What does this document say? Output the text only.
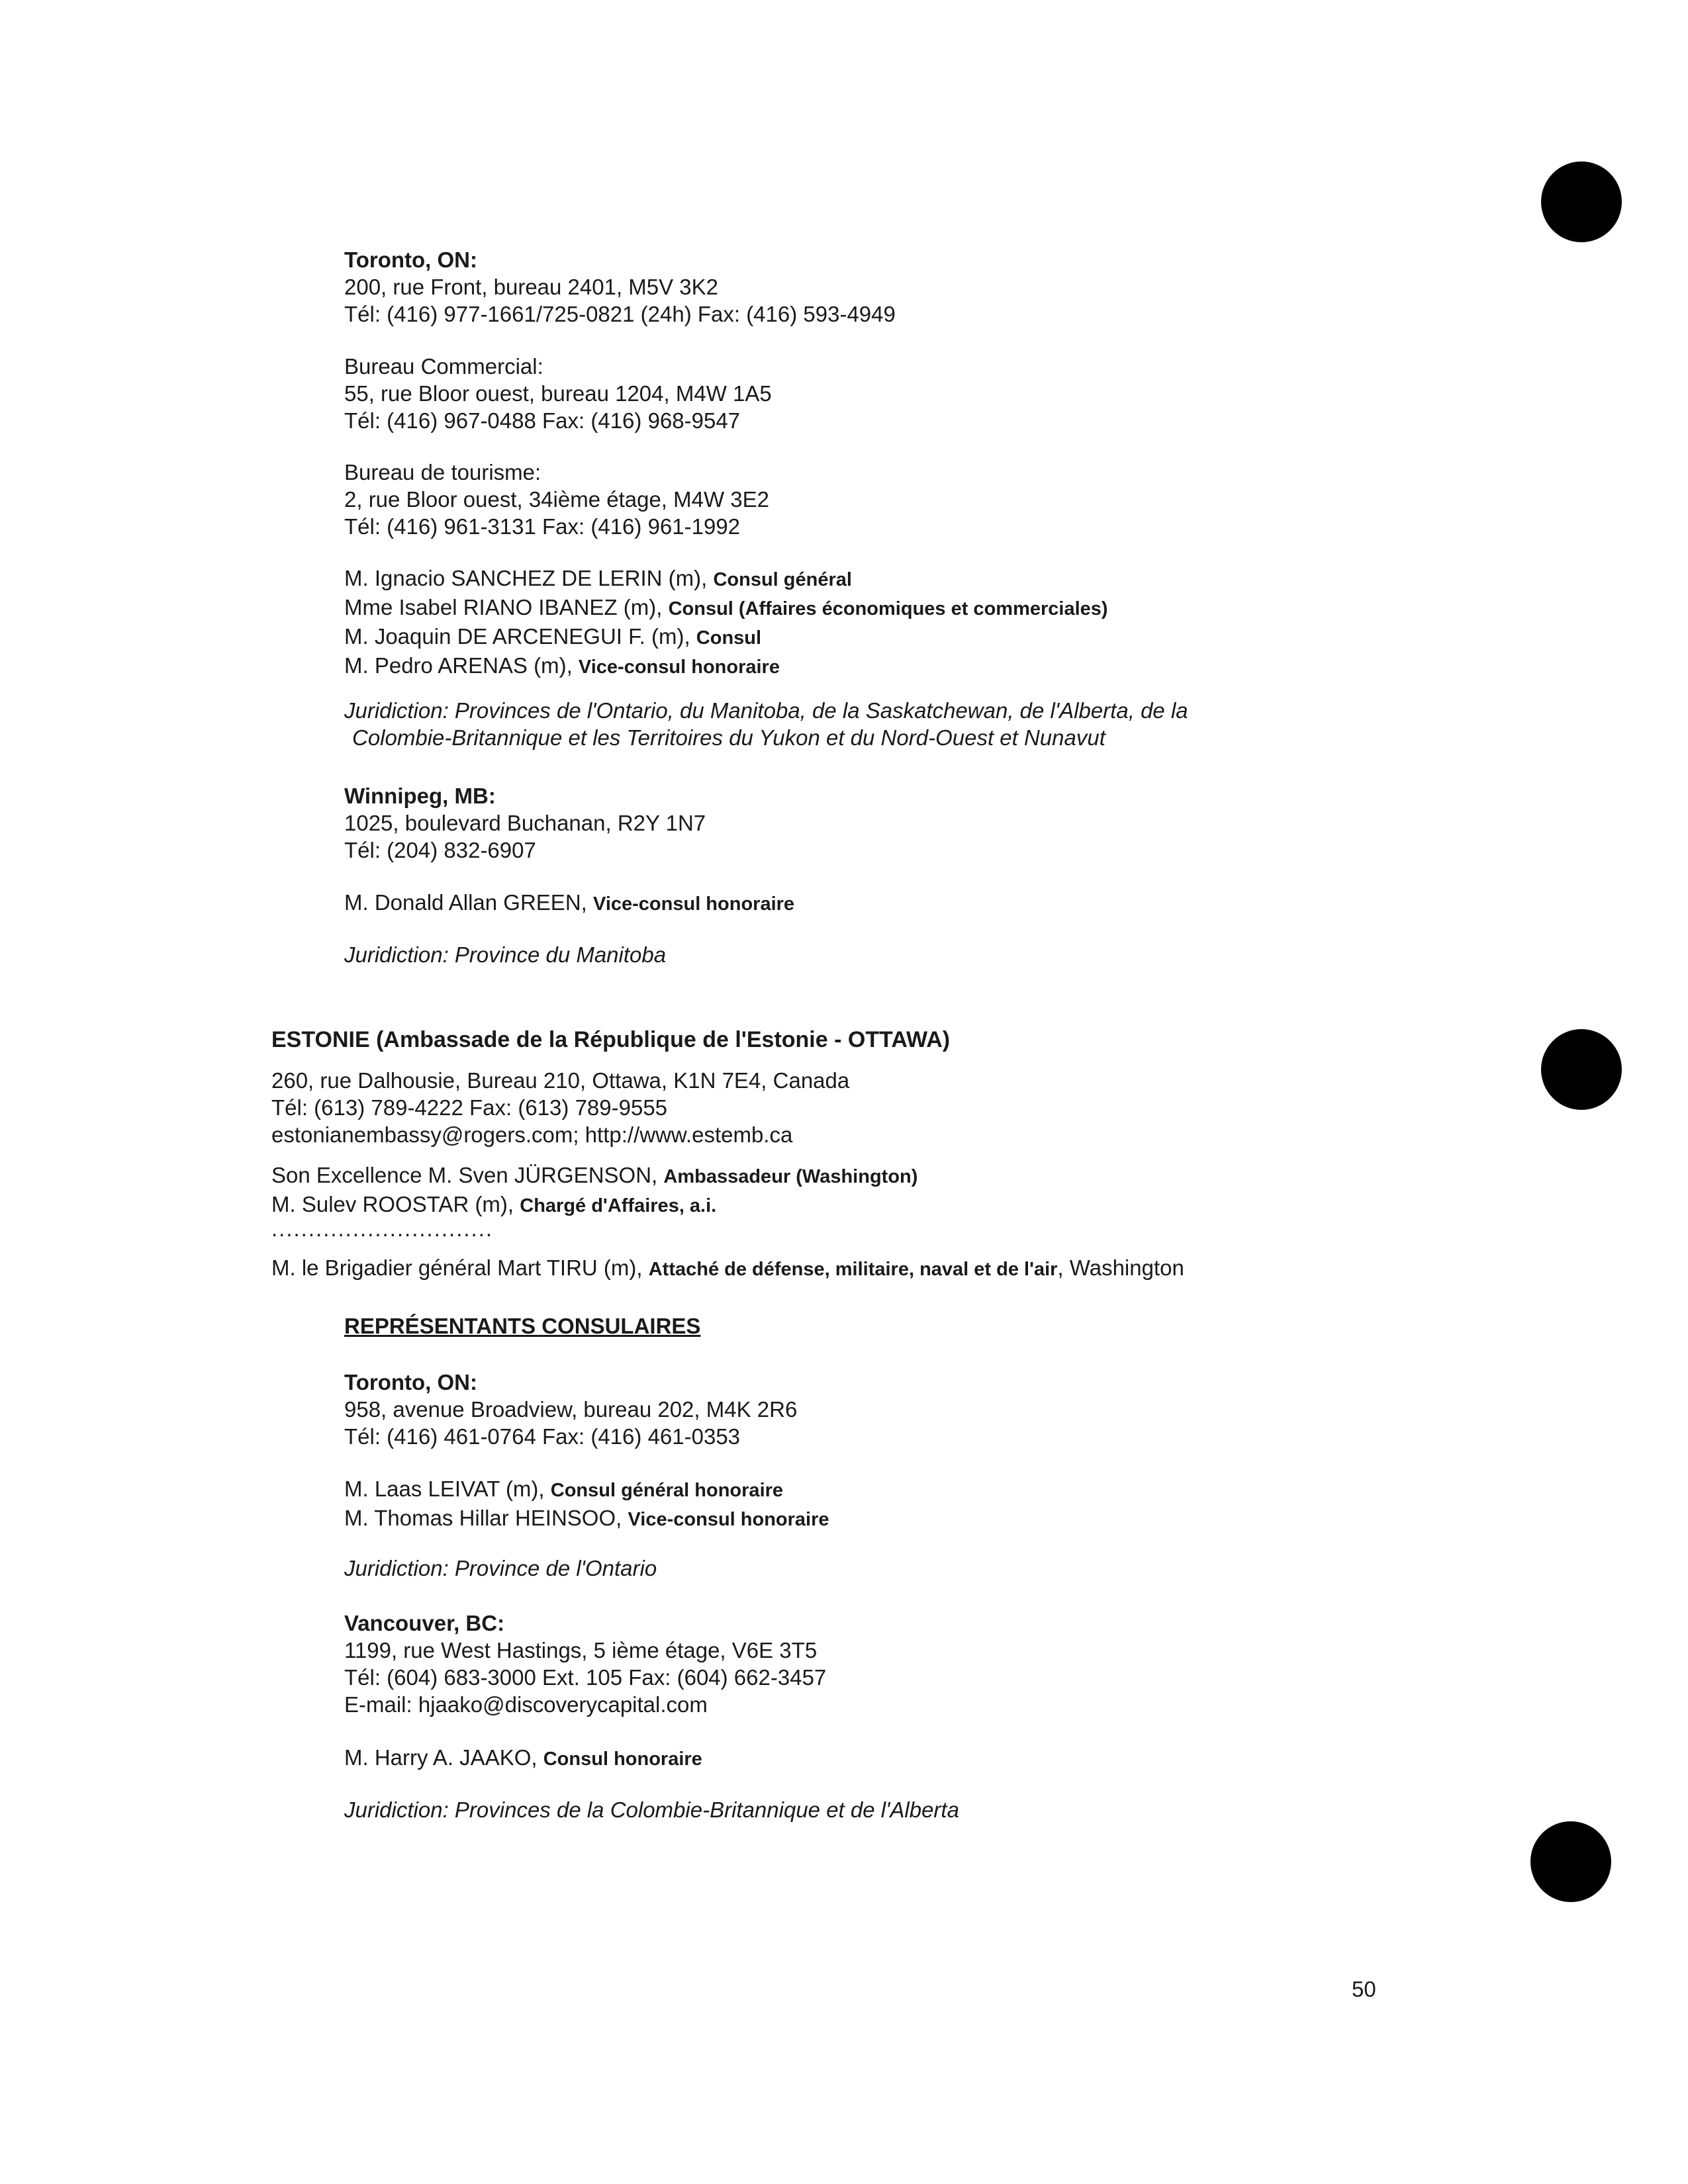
Toronto, ON:
200, rue Front, bureau 2401, M5V 3K2
Tél: (416) 977-1661/725-0821 (24h) Fax: (416) 593-4949
Bureau Commercial:
55, rue Bloor ouest, bureau 1204, M4W 1A5
Tél: (416) 967-0488 Fax: (416) 968-9547
Bureau de tourisme:
2, rue Bloor ouest, 34ième étage, M4W 3E2
Tél: (416) 961-3131 Fax: (416) 961-1992
M. Ignacio SANCHEZ DE LERIN (m), Consul général
Mme Isabel RIANO IBANEZ (m), Consul (Affaires économiques et commerciales)
M. Joaquin DE ARCENEGUI F. (m), Consul
M. Pedro ARENAS (m), Vice-consul honoraire
Juridiction: Provinces de l'Ontario, du Manitoba, de la Saskatchewan, de l'Alberta, de la
Colombie-Britannique et les Territoires du Yukon et du Nord-Ouest et Nunavut
Winnipeg, MB:
1025, boulevard Buchanan, R2Y 1N7
Tél: (204) 832-6907
M. Donald Allan GREEN, Vice-consul honoraire
Juridiction: Province du Manitoba
ESTONIE (Ambassade de la République de l'Estonie - OTTAWA)
260, rue Dalhousie, Bureau 210, Ottawa, K1N 7E4, Canada
Tél: (613) 789-4222 Fax: (613) 789-9555
estonianembassy@rogers.com; http://www.estemb.ca
Son Excellence M. Sven JÜRGENSON, Ambassadeur (Washington)
M. Sulev ROOSTAR (m), Chargé d'Affaires, a.i.
..............................
M. le Brigadier général Mart TIRU (m), Attaché de défense, militaire, naval et de l'air, Washington
REPRÉSENTANTS CONSULAIRES
Toronto, ON:
958, avenue Broadview, bureau 202, M4K 2R6
Tél: (416) 461-0764 Fax: (416) 461-0353
M. Laas LEIVAT (m), Consul général honoraire
M. Thomas Hillar HEINSOO, Vice-consul honoraire
Juridiction: Province de l'Ontario
Vancouver, BC:
1199, rue West Hastings, 5 ième étage, V6E 3T5
Tél: (604) 683-3000 Ext. 105 Fax: (604) 662-3457
E-mail: hjaako@discoverycapital.com
M. Harry A. JAAKO, Consul honoraire
Juridiction: Provinces de la Colombie-Britannique et de l'Alberta
50
